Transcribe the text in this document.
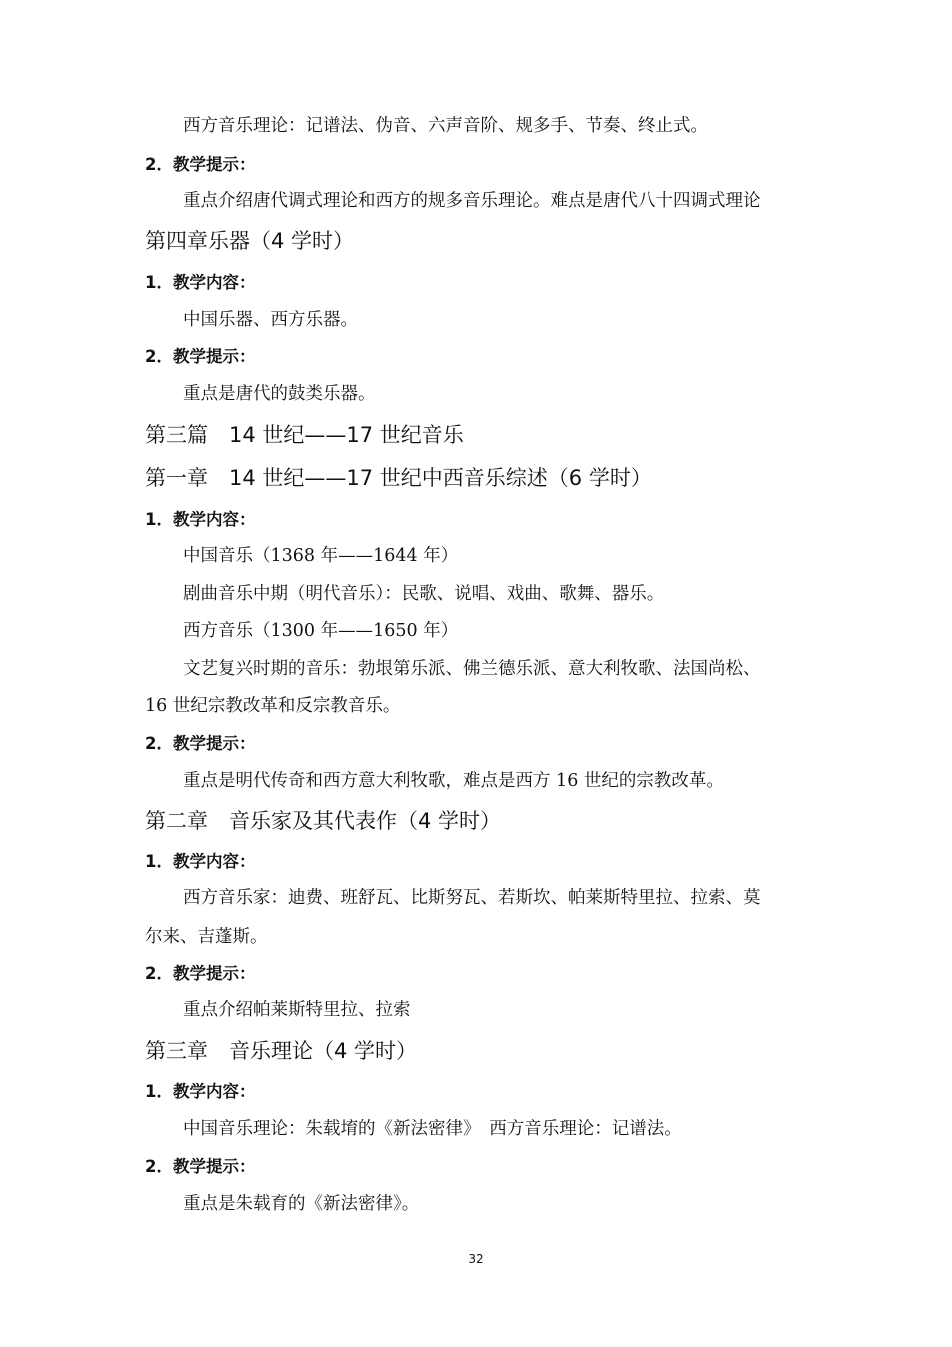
西方音乐理论：记谱法、伪音、六声音阶、规多手、节奏、终止式。
2．教学提示：
重点介绍唐代调式理论和西方的规多音乐理论。难点是唐代八十四调式理论
第四章乐器（4 学时）
1．教学内容：
中国乐器、西方乐器。
2．教学提示：
重点是唐代的鼓类乐器。
第三篇　14 世纪——17 世纪音乐
第一章　14 世纪——17 世纪中西音乐综述（6 学时）
1．教学内容：
中国音乐（1368 年——1644 年）
剧曲音乐中期（明代音乐）：民歌、说唱、戏曲、歌舞、器乐。
西方音乐（1300 年——1650 年）
文艺复兴时期的音乐：勃垠第乐派、佛兰德乐派、意大利牧歌、法国尚松、
16 世纪宗教改革和反宗教音乐。
2．教学提示：
重点是明代传奇和西方意大利牧歌，难点是西方 16 世纪的宗教改革。
第二章　音乐家及其代表作（4 学时）
1．教学内容：
西方音乐家：迪费、班舒瓦、比斯努瓦、若斯坎、帕莱斯特里拉、拉索、莫
尔来、吉蓬斯。
2．教学提示：
重点介绍帕莱斯特里拉、拉索
第三章　音乐理论（4 学时）
1．教学内容：
中国音乐理论：朱载堉的《新法密律》　西方音乐理论：记谱法。
2．教学提示：
重点是朱载育的《新法密律》。
32
